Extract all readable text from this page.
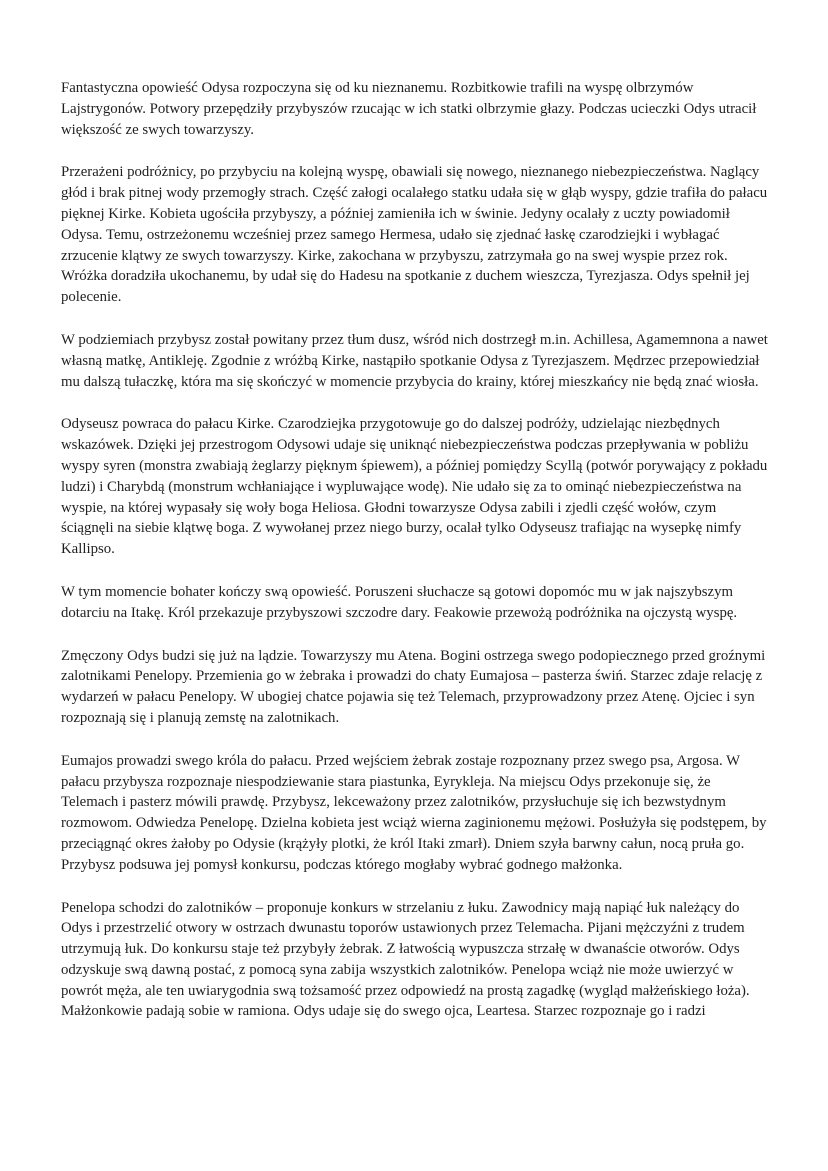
Fantastyczna opowieść Odysa rozpoczyna się od ku nieznanemu. Rozbitkowie trafili na wyspę olbrzymów Lajstrygonów. Potwory przepędziły przybyszów rzucając w ich statki olbrzymie głazy. Podczas ucieczki Odys utracił większość ze swych towarzyszy.

Przerażeni podróżnicy, po przybyciu na kolejną wyspę, obawiali się nowego, nieznanego niebezpieczeństwa. Naglący głód i brak pitnej wody przemogły strach. Część załogi ocalałego statku udała się w głąb wyspy, gdzie trafiła do pałacu pięknej Kirke. Kobieta ugościła przybyszy, a później zamieniła ich w świnie. Jedyny ocalały z uczty powiadomił Odysa. Temu, ostrzeżonemu wcześniej przez samego Hermesa, udało się zjednać łaskę czarodziejki i wybłagać zrzucenie klątwy ze swych towarzyszy. Kirke, zakochana w przybyszu, zatrzymała go na swej wyspie przez rok. Wróżka doradziła ukochanemu, by udał się do Hadesu na spotkanie z duchem wieszcza, Tyrezjasza. Odys spełnił jej polecenie.

W podziemiach przybysz został powitany przez tłum dusz, wśród nich dostrzegł m.in. Achillesa, Agamemnona a nawet własną matkę, Antikleję. Zgodnie z wróżbą Kirke, nastąpiło spotkanie Odysa z Tyrezjaszem. Mędrzec przepowiedział mu dalszą tułaczkę, która ma się skończyć w momencie przybycia do krainy, której mieszkańcy nie będą znać wiosła.

Odyseusz powraca do pałacu Kirke. Czarodziejka przygotowuje go do dalszej podróży, udzielając niezbędnych wskazówek. Dzięki jej przestrogom Odysowi udaje się uniknąć niebezpieczeństwa podczas przepływania w pobliżu wyspy syren (monstra zwabiają żeglarzy pięknym śpiewem), a później pomiędzy Scyllą (potwór porywający z pokładu ludzi) i Charybdą (monstrum wchłaniające i wypluwające wodę). Nie udało się za to ominąć niebezpieczeństwa na wyspie, na której wypasały się woły boga Heliosa. Głodni towarzysze Odysa zabili i zjedli część wołów, czym ściągnęli na siebie klątwę boga. Z wywołanej przez niego burzy, ocalał tylko Odyseusz trafiając na wysepkę nimfy Kallipso.

W tym momencie bohater kończy swą opowieść. Poruszeni słuchacze są gotowi dopomóc mu w jak najszybszym dotarciu na Itakę. Król przekazuje przybyszowi szczodre dary. Feakowie przewożą podróżnika na ojczystą wyspę.

Zmęczony Odys budzi się już na lądzie. Towarzyszy mu Atena. Bogini ostrzega swego podopiecznego przed groźnymi zalotnikami Penelopy. Przemienia go w żebraka i prowadzi do chaty Eumajosa – pasterza świń. Starzec zdaje relację z wydarzeń w pałacu Penelopy. W ubogiej chatce pojawia się też Telemach, przyprowadzony przez Atenę. Ojciec i syn rozpoznają się i planują zemstę na zalotnikach.

Eumajos prowadzi swego króla do pałacu. Przed wejściem żebrak zostaje rozpoznany przez swego psa, Argosa. W pałacu przybysza rozpoznaje niespodziewanie stara piastunka, Eyrykleja. Na miejscu Odys przekonuje się, że Telemach i pasterz mówili prawdę. Przybysz, lekceważony przez zalotników, przysłuchuje się ich bezwstydnym rozmowom. Odwiedza Penelopę. Dzielna kobieta jest wciąż wierna zaginionemu mężowi. Posłużyła się podstępem, by przeciągnąć okres żałoby po Odysie (krążyły plotki, że król Itaki zmarł). Dniem szyła barwny całun, nocą pruła go. Przybysz podsuwa jej pomysł konkursu, podczas którego mogłaby wybrać godnego małżonka.

Penelopa schodzi do zalotników – proponuje konkurs w strzelaniu z łuku. Zawodnicy mają napiąć łuk należący do Odys i przestrzelić otwory w ostrzach dwunastu toporów ustawionych przez Telemacha. Pijani mężczyźni z trudem utrzymują łuk. Do konkursu staje też przybyły żebrak. Z łatwością wypuszcza strzałę w dwanaście otworów. Odys odzyskuje swą dawną postać, z pomocą syna zabija wszystkich zalotników. Penelopa wciąż nie może uwierzyć w powrót męża, ale ten uwiarygodnia swą tożsamość przez odpowiedź na prostą zagadkę (wygląd małżeńskiego łoża). Małżonkowie padają sobie w ramiona. Odys udaje się do swego ojca, Leartesa. Starzec rozpoznaje go i radzi
